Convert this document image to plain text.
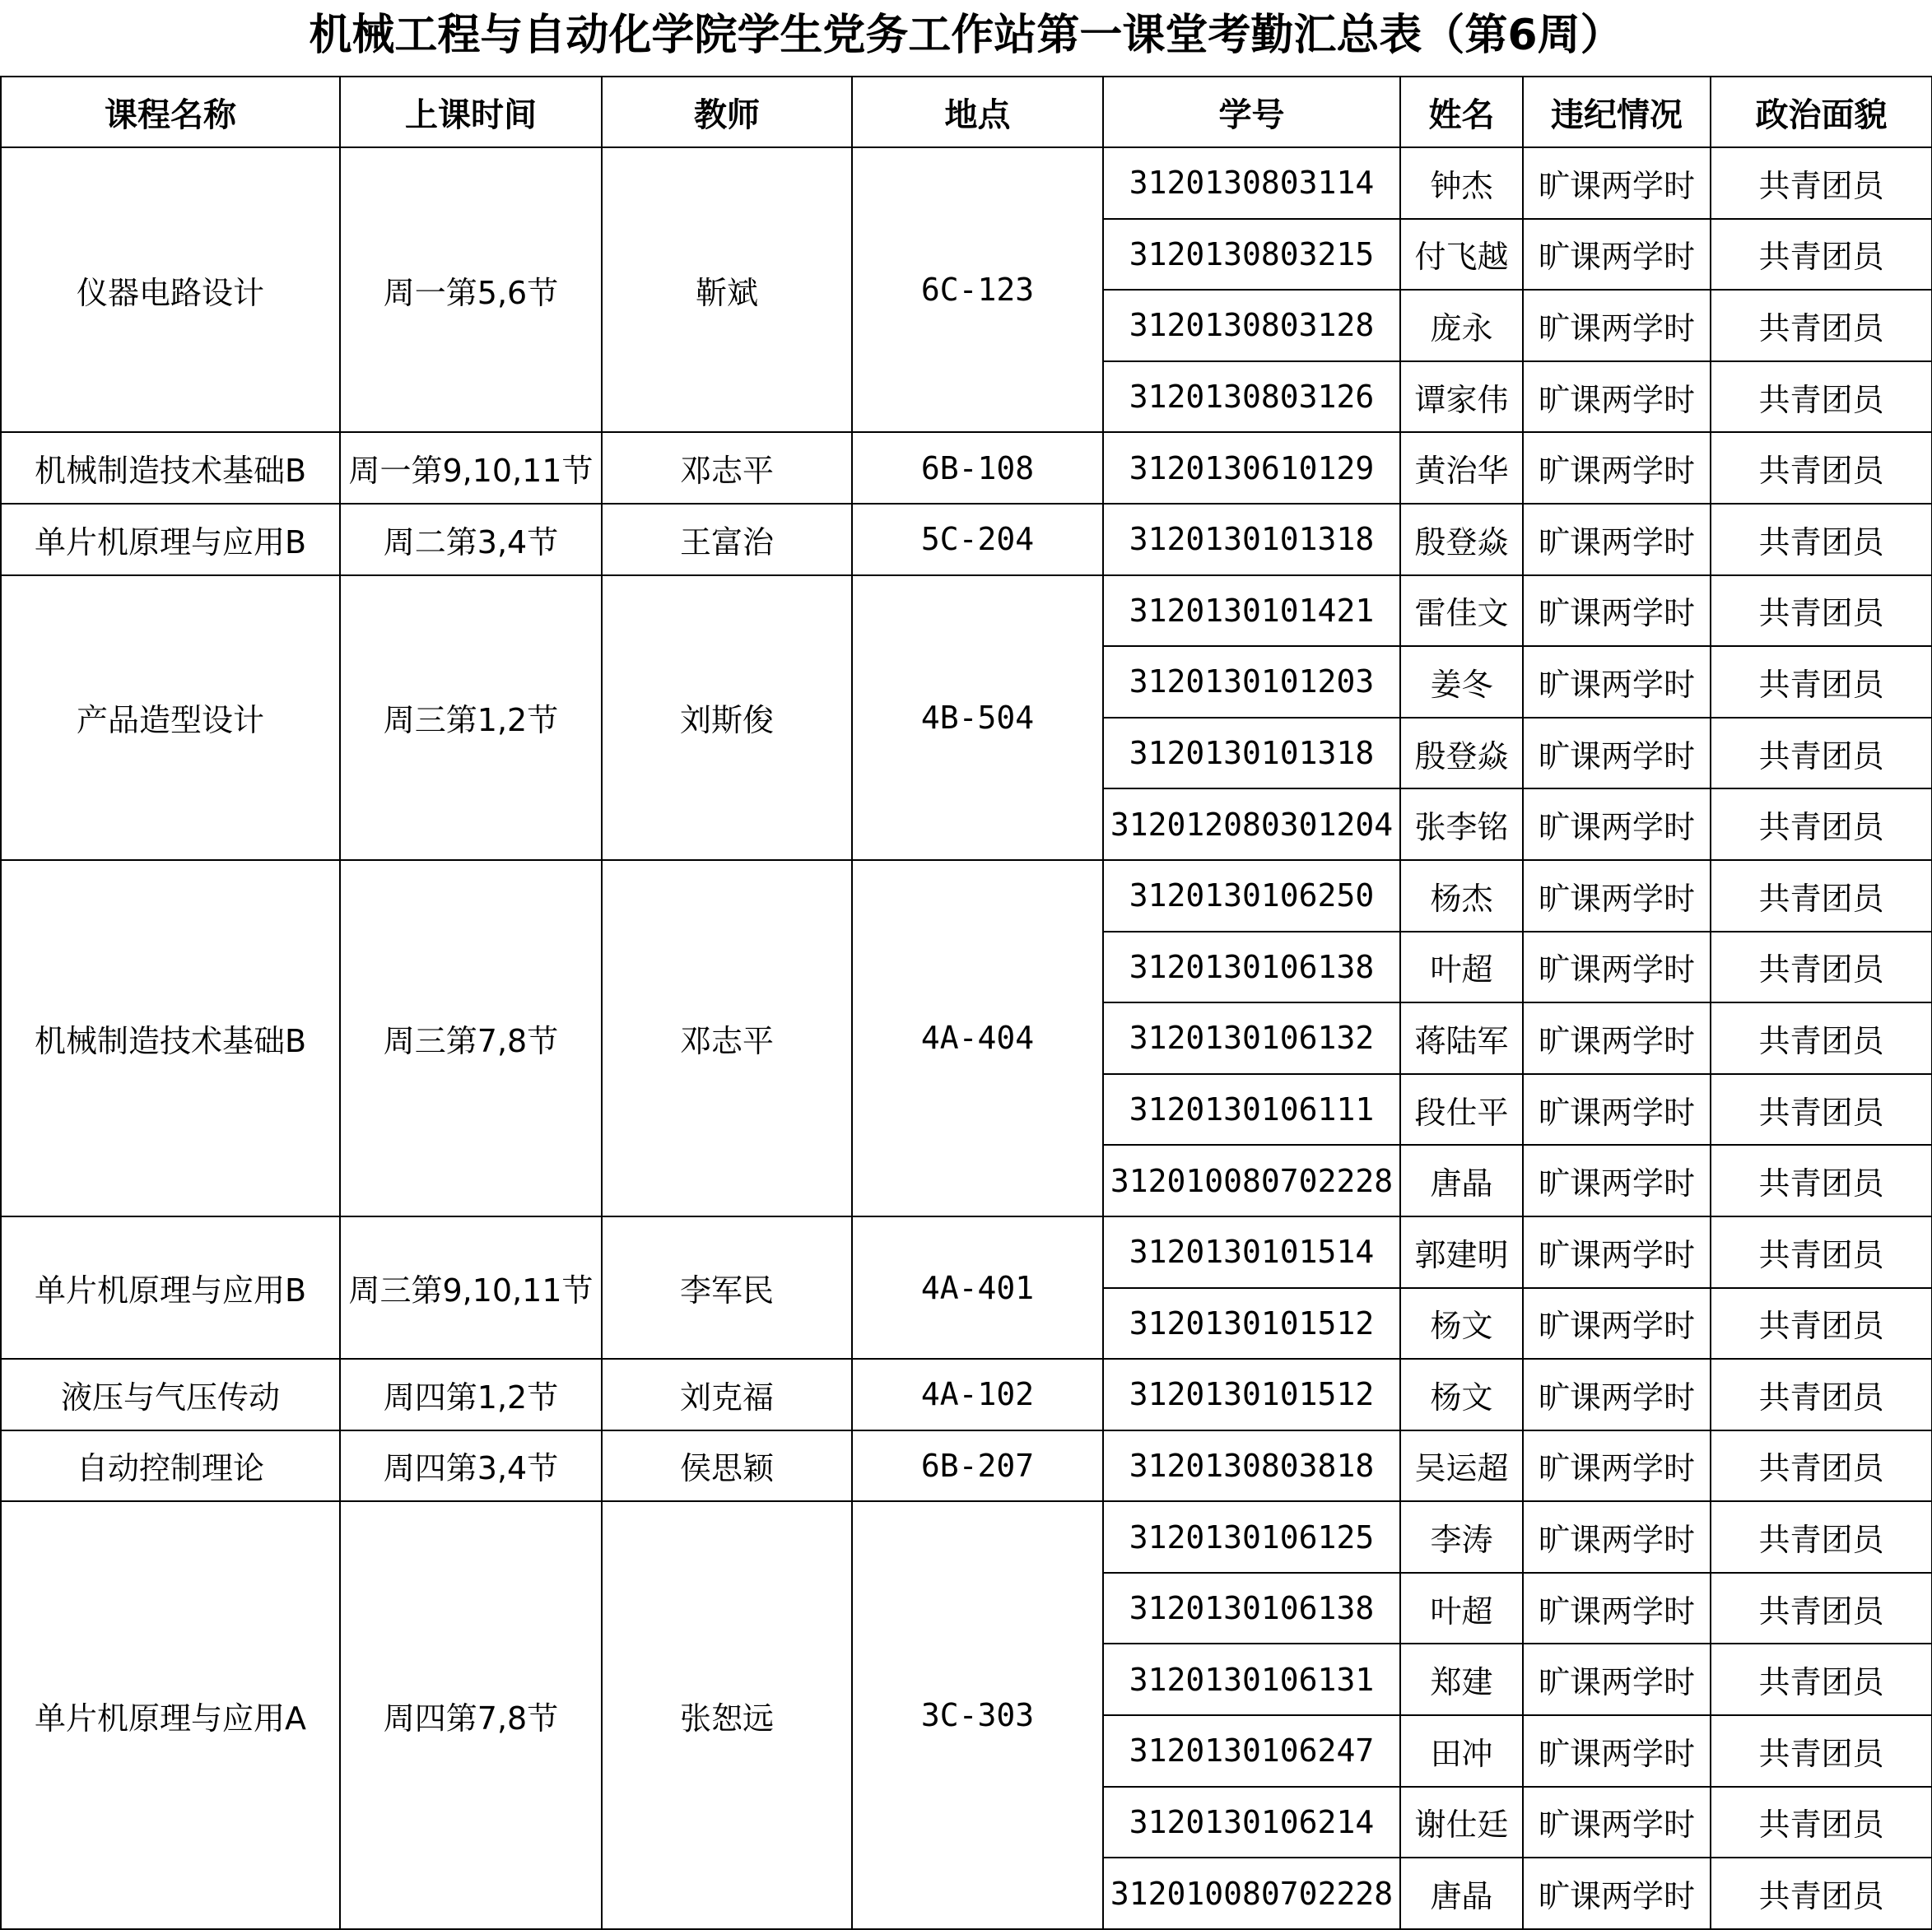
机械工程与自动化学院学生党务工作站第一课堂考勤汇总表（第6周）
课程名称	上课时间	教师	地点	学号	姓名	违纪情况	政治面貌
仪器电路设计	周一第5,6节	靳斌	6C-123	3120130803114	钟杰	旷课两学时	共青团员
				3120130803215	付飞越	旷课两学时	共青团员
				3120130803128	庞永	旷课两学时	共青团员
				3120130803126	谭家伟	旷课两学时	共青团员
机械制造技术基础B	周一第9,10,11节	邓志平	6B-108	3120130610129	黄治华	旷课两学时	共青团员
单片机原理与应用B	周二第3,4节	王富治	5C-204	3120130101318	殷登焱	旷课两学时	共青团员
产品造型设计	周三第1,2节	刘斯俊	4B-504	3120130101421	雷佳文	旷课两学时	共青团员
				3120130101203	姜冬	旷课两学时	共青团员
				3120130101318	殷登焱	旷课两学时	共青团员
				312012080301204	张李铭	旷课两学时	共青团员
机械制造技术基础B	周三第7,8节	邓志平	4A-404	3120130106250	杨杰	旷课两学时	共青团员
				3120130106138	叶超	旷课两学时	共青团员
				3120130106132	蒋陆军	旷课两学时	共青团员
				3120130106111	段仕平	旷课两学时	共青团员
				312010080702228	唐晶	旷课两学时	共青团员
单片机原理与应用B	周三第9,10,11节	李军民	4A-401	3120130101514	郭建明	旷课两学时	共青团员
				3120130101512	杨文	旷课两学时	共青团员
液压与气压传动	周四第1,2节	刘克福	4A-102	3120130101512	杨文	旷课两学时	共青团员
自动控制理论	周四第3,4节	侯思颖	6B-207	3120130803818	吴运超	旷课两学时	共青团员
单片机原理与应用A	周四第7,8节	张恕远	3C-303	3120130106125	李涛	旷课两学时	共青团员
				3120130106138	叶超	旷课两学时	共青团员
				3120130106131	郑建	旷课两学时	共青团员
				3120130106247	田冲	旷课两学时	共青团员
				3120130106214	谢仕廷	旷课两学时	共青团员
				312010080702228	唐晶	旷课两学时	共青团员
